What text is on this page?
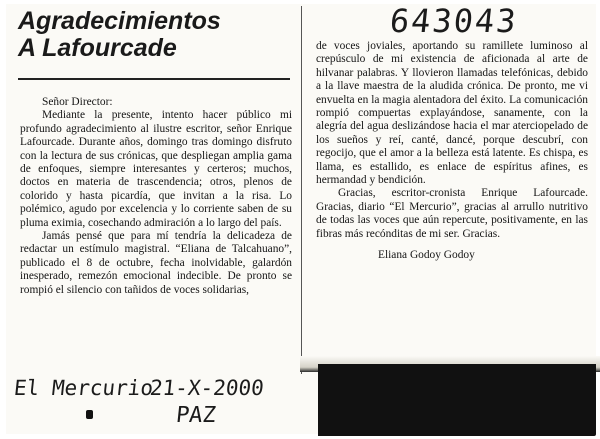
Agradecimientos
A Lafourcade

Señor Director:

Mediante la presente, intento hacer público mi profundo agradecimiento al ilustre escritor, señor Enrique Lafourcade. Durante años, domingo tras domingo disfruto con la lectura de sus crónicas, que despliegan amplia gama de enfoques, siempre interesantes y certeros; muchos, doctos en materia de trascendencia; otros, plenos de colorido y hasta picardía, que invitan a la risa. Lo polémico, agudo por excelencia y lo corriente saben de su pluma eximia, cosechando admiración a lo largo del país.

Jamás pensé que para mí tendría la delicadeza de redactar un estímulo magistral. “Eliana de Talcahuano”, publicado el 8 de octubre, fecha inolvidable, galardón inesperado, remezón emocional indecible. De pronto se rompió el silencio con tañidos de voces solidarias,

de voces joviales, aportando su ramillete luminoso al crepúsculo de mi existencia de aficionada al arte de hilvanar palabras. Y llovieron llamadas telefónicas, debido a la llave maestra de la aludida crónica. De pronto, me vi envuelta en la magia alentadora del éxito. La comunicación rompió compuertas explayándose, sanamente, con la alegría del agua deslizándose hacia el mar aterciopelado de los sueños y reí, canté, dancé, porque descubrí, con regocijo, que el amor a la belleza está latente. Es chispa, es llama, es estallido, es enlace de espíritus afines, es hermandad y bendición.

Gracias, escritor-cronista Enrique Lafourcade. Gracias, diario “El Mercurio”, gracias al arrullo nutritivo de todas las voces que aún repercute, positivamente, en las fibras más recónditas de mi ser. Gracias.

Eliana Godoy Godoy

643043
El Mercurio
21-X-2000
PAZ
